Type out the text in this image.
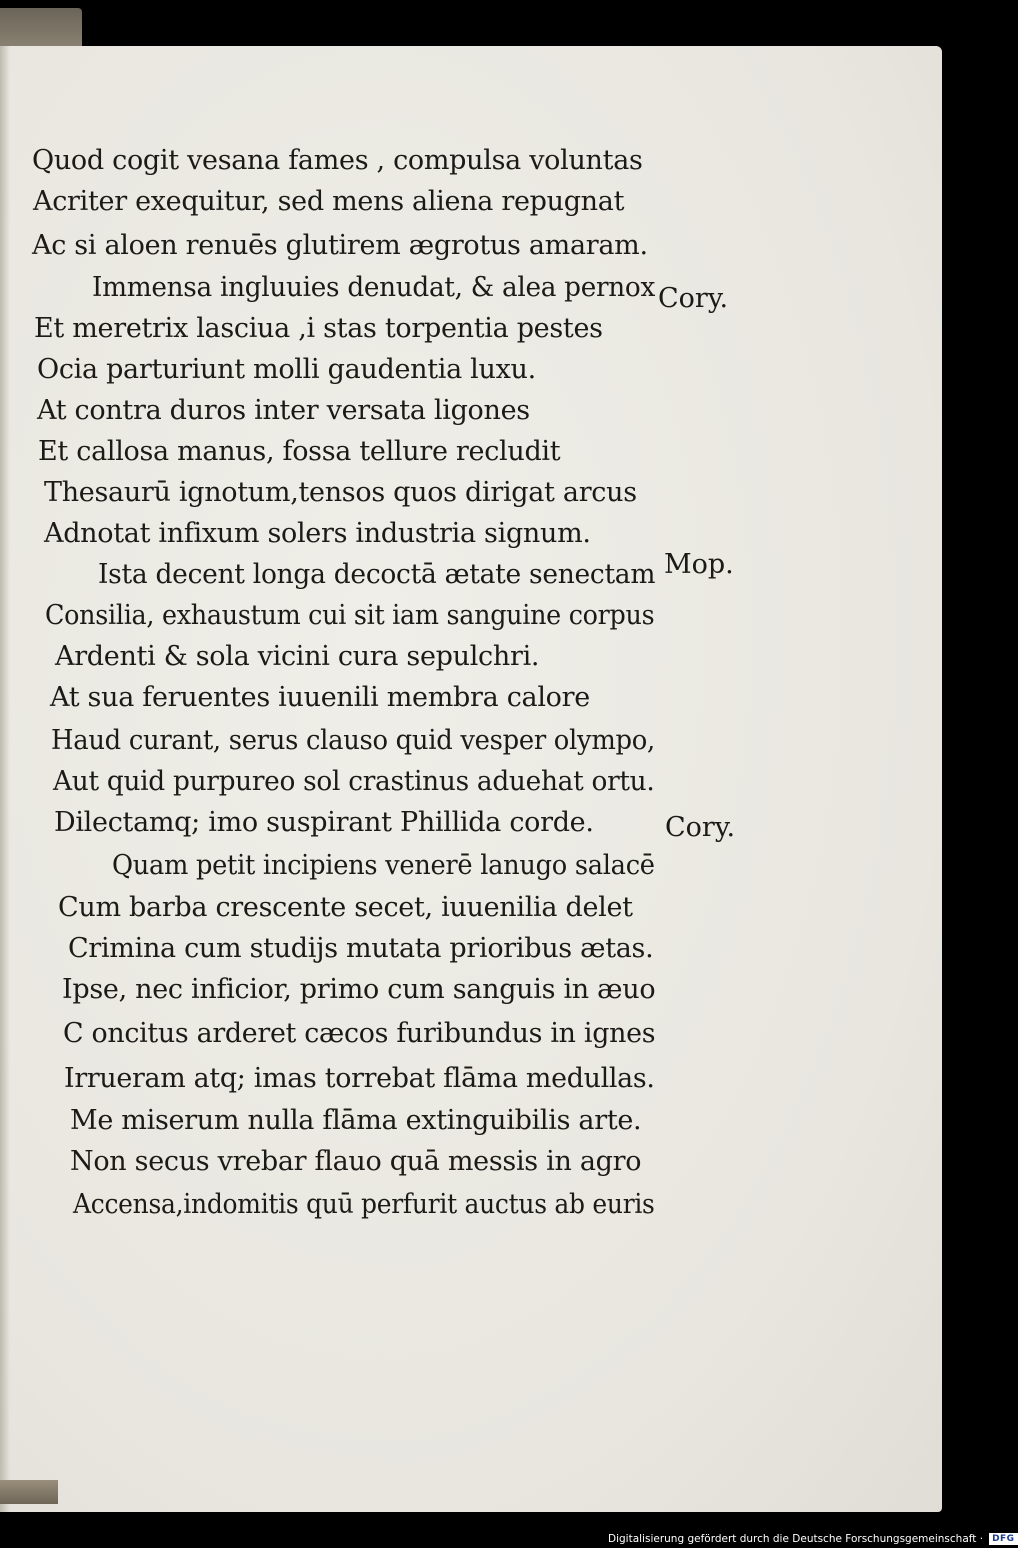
Quod cogit vesana fames , compulsa voluntas
Acriter exequitur, sed mens aliena repugnat
Ac si aloen renuēs glutirem ægrotus amaram.
Immensa ingluuies denudat, & alea pernox
Et meretrix lasciua ,i stas torpentia pestes
Ocia parturiunt molli gaudentia luxu.
At contra duros inter versata ligones
Et callosa manus, fossa tellure recludit
Thesaurū ignotum,tensos quos dirigat arcus
Adnotat infixum solers industria signum.
Ista decent longa decoctā ætate senectam
Consilia, exhaustum cui sit iam sanguine corpus
Ardenti & sola vicini cura sepulchri.
At sua feruentes iuuenili membra calore
Haud curant, serus clauso quid vesper olympo,
Aut quid purpureo sol crastinus aduehat ortu.
Dilectamq; imo suspirant Phillida corde.
Quam petit incipiens venerē lanugo salacē
Cum barba crescente secet, iuuenilia delet
Crimina cum studijs mutata prioribus ætas.
Ipse, nec inficior, primo cum sanguis in æuo
C oncitus arderet cæcos furibundus in ignes
Irrueram atq; imas torrebat flāma medullas.
Me miserum nulla flāma extinguibilis arte.
Non secus vrebar flauo quā messis in agro
Accensa,indomitis quū perfurit auctus ab euris
Cory.
Mop.
Cory.
Digitalisierung gefördert durch die Deutsche Forschungsgemeinschaft ·	DFG
